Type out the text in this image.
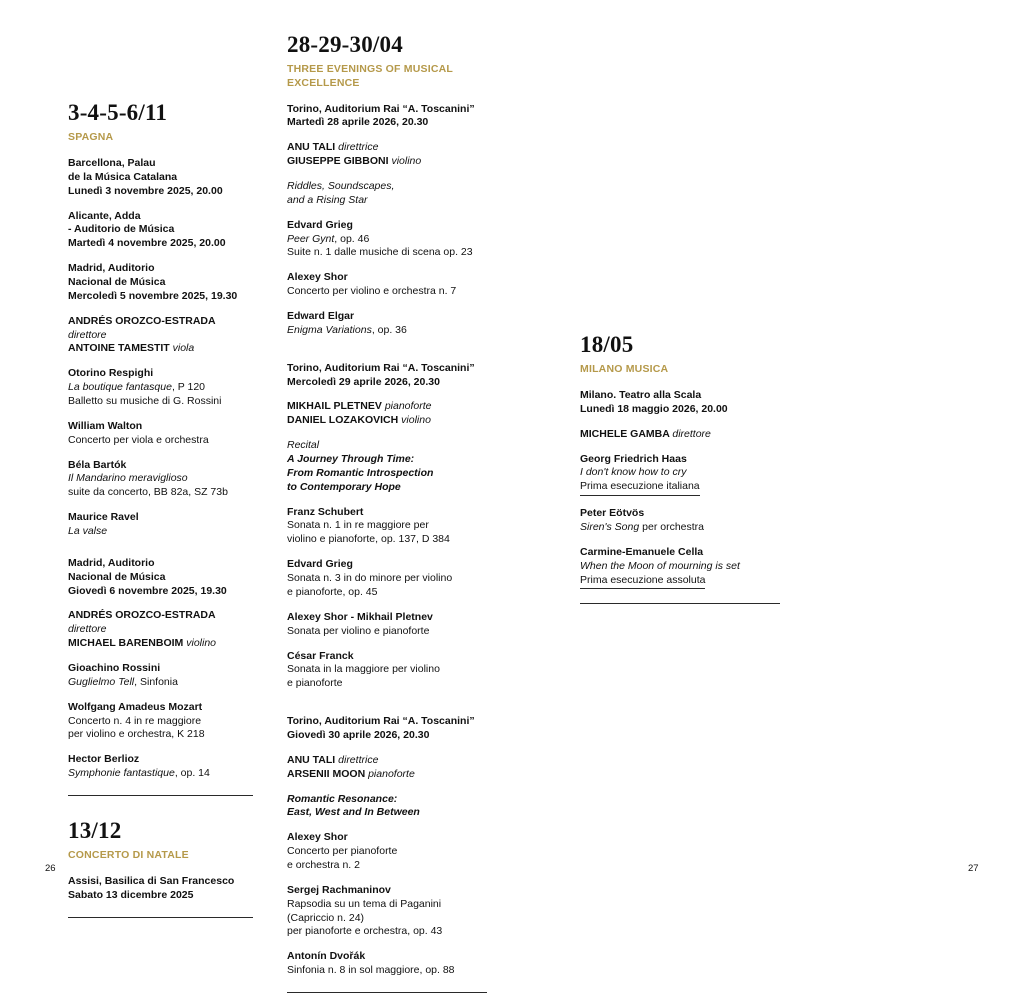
3-4-5-6/11
SPAGNA

Barcellona, Palau

de la Música Catalana

Lunedì 3 novembre 2025, 20.00

Alicante, Adda

- Auditorio de Música

Martedì 4 novembre 2025, 20.00

Madrid, Auditorio

Nacional de Música

Mercoledì 5 novembre 2025, 19.30

ANDRÉS OROZCO-ESTRADA

direttore

ANTOINE TAMESTIT viola

Otorino Respighi

La boutique fantasque, P 120

Balletto su musiche di G. Rossini

William Walton

Concerto per viola e orchestra

Béla Bartók

Il Mandarino meraviglioso

suite da concerto, BB 82a, SZ 73b

Maurice Ravel

La valse

Madrid, Auditorio

Nacional de Música

Giovedì 6 novembre 2025, 19.30

ANDRÉS OROZCO-ESTRADA

direttore

MICHAEL BARENBOIM violino

Gioachino Rossini

Guglielmo Tell, Sinfonia

Wolfgang Amadeus Mozart

Concerto n. 4 in re maggiore

per violino e orchestra, K 218

Hector Berlioz

Symphonie fantastique, op. 14

13/12
CONCERTO DI NATALE

Assisi, Basilica di San Francesco

Sabato 13 dicembre 2025

28-29-30/04
THREE EVENINGS OF MUSICAL EXCELLENCE

Torino, Auditorium Rai “A. Toscanini”

Martedì 28 aprile 2026, 20.30

ANU TALI direttrice

GIUSEPPE GIBBONI violino

Riddles, Soundscapes,

and a Rising Star

Edvard Grieg

Peer Gynt, op. 46

Suite n. 1 dalle musiche di scena op. 23

Alexey Shor

Concerto per violino e orchestra n. 7

Edward Elgar

Enigma Variations, op. 36

Torino, Auditorium Rai “A. Toscanini”

Mercoledì 29 aprile 2026, 20.30

MIKHAIL PLETNEV pianoforte

DANIEL LOZAKOVICH violino

Recital

A Journey Through Time:

From Romantic Introspection

to Contemporary Hope

Franz Schubert

Sonata n. 1 in re maggiore per

violino e pianoforte, op. 137, D 384

Edvard Grieg

Sonata n. 3 in do minore per violino

e pianoforte, op. 45

Alexey Shor - Mikhail Pletnev

Sonata per violino e pianoforte

César Franck

Sonata in la maggiore per violino

e pianoforte

Torino, Auditorium Rai “A. Toscanini”

Giovedì 30 aprile 2026, 20.30

ANU TALI direttrice

ARSENII MOON pianoforte

Romantic Resonance:

East, West and In Between

Alexey Shor

Concerto per pianoforte

e orchestra n. 2

Sergej Rachmaninov

Rapsodia su un tema di Paganini

(Capriccio n. 24)

per pianoforte e orchestra, op. 43

Antonín Dvořák

Sinfonia n. 8 in sol maggiore, op. 88

18/05
MILANO MUSICA

Milano. Teatro alla Scala

Lunedì 18 maggio 2026, 20.00

MICHELE GAMBA direttore

Georg Friedrich Haas

I don't know how to cry

Prima esecuzione italiana

Peter Eötvös

Siren's Song per orchestra

Carmine-Emanuele Cella

When the Moon of mourning is set

Prima esecuzione assoluta

26	27
